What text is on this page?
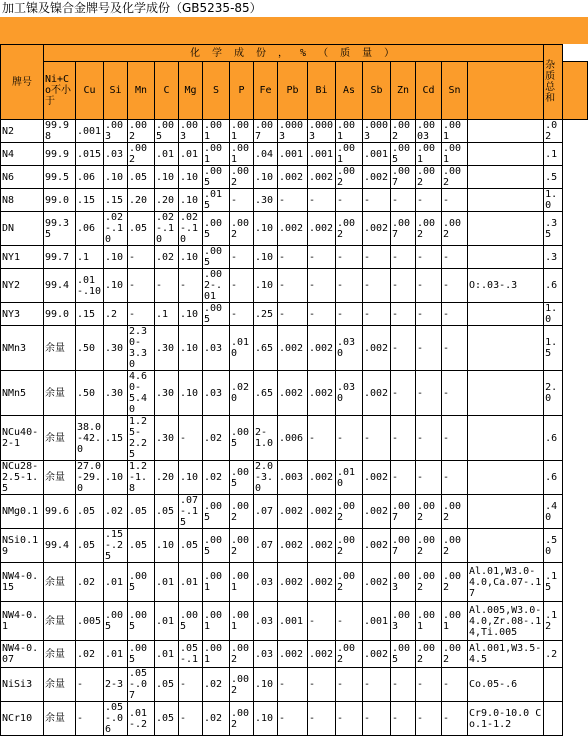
加工镍及镍合金牌号及化学成份（GB5235-85）
牌号	化 学 成 份 ， % （ 质 量 ）																	杂质总和	
	Ni+Co不小于	Cu	Si	Mn	C	Mg	S	P	Fe	Pb	Bi	As	Sb	Zn	Cd	Sn			
N2	99.98	.001	.003	.002	.005	.003	.001	.001	.007	.0003	.0003	.001	.0003	.002	.0003	.001		.02	
N4	99.9	.015	.03	.002	.01	.01	.001	.001	.04	.001	.001	.001	.001	.005	.001	.001		.1	
N6	99.5	.06	.10	.05	.10	.10	.005	.002	.10	.002	.002	.002	.002	.007	.002	.002		.5	
N8	99.0	.15	.15	.20	.20	.10	.015	-	.30	-	-	-	-	-	-	-		1.0	
DN	99.35	.06	.02-.10	.05	.02-.10	.02-.10	.005	.002	.10	.002	.002	.002	.002	.007	.002	.002		.35	
NY1	99.7	.1	.10	-	.02	.10	.005	-	.10	-	-	-	-	-	-	-		.3	
NY2	99.4	.01-.10	.10	-	-	-	.002-.01	-	.10	-	-	-	-	-	-	-	O:.03-.3	.6	
NY3	99.0	.15	.2	-	.1	.10	.005	-	.25	-	-	-	-	-	-	-		1.0	
NMn3	余量	.50	.30	2.30-3.30	.30	.10	.03	.010	.65	.002	.002	.030	.002	-	-	-		1.5	
NMn5	余量	.50	.30	4.60-5.40	.30	.10	.03	.020	.65	.002	.002	.030	.002	-	-	-		2.0	
NCu40-2-1	余量	38.0-42.0	.15	1.25-2.25	.30	-	.02	.005	2-1.0	.006	-	-	-	-	-	-		.6	
NCu28-2.5-1.5	余量	27.0-29.0	.10	1.2-1.8	.20	.10	.02	.005	2.0-3.0	.003	.002	.010	.002	-	-	-		.6	
NMg0.1	99.6	.05	.02	.05	.05	.07-.15	.005	.002	.07	.002	.002	.002	.002	.007	.002	.002		.40	
NSi0.19	99.4	.05	.15-.25	.05	.10	.05	.005	.002	.07	.002	.002	.002	.002	.007	.002	.002		.50	
NW4-0.15	余量	.02	.01	.005	.01	.01	.001	.001	.03	.002	.002	.002	.002	.003	.002	.002	Al.01,W3.0-4.0,Ca.07-.17	.15	
NW4-0.1	余量	.005	.005	.005	.01	.005	.001	.001	.03	.001	-	-	.001	.003	.001	.001	Al.005,W3.0-4.0,Zr.08-.14,Ti.005	.12	
NW4-0.07	余量	.02	.01	.005	.01	.05-.1	.001	.002	.03	.002	.002	.002	.002	.005	.002	.002	Al.001,W3.5-4.5	.2	
NiSi3	余量	-	2-3	.05-.07	.05	-	.02	.002	.10	-	-	-	-	-	-	-	Co.05-.6		
NCr10	余量	-	.05-.06	.01-.2	.05	-	.02	.002	.10	-	-	-	-	-	-	-	Cr9.0-10.0 Co.1-1.2		
